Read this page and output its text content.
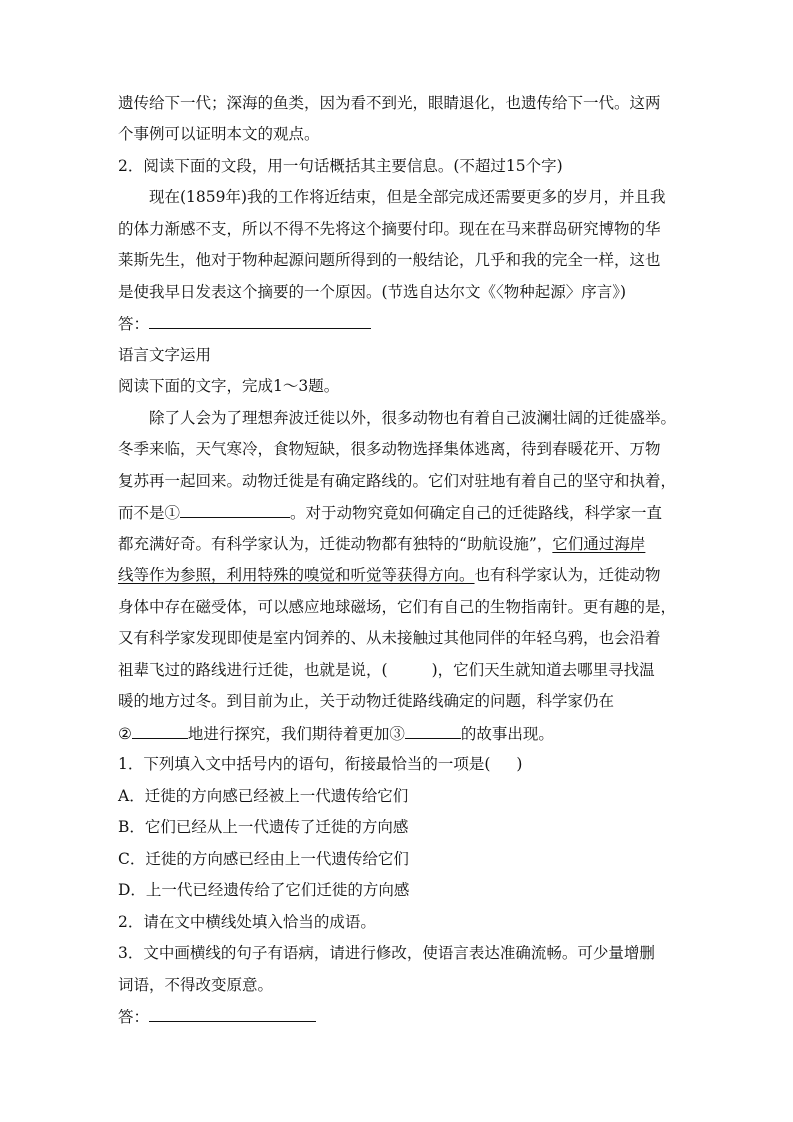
遗传给下一代；深海的鱼类，因为看不到光，眼睛退化，也遗传给下一代。这两
个事例可以证明本文的观点。
2．阅读下面的文段，用一句话概括其主要信息。(不超过15个字)
现在(1859年)我的工作将近结束，但是全部完成还需要更多的岁月，并且我
的体力渐感不支，所以不得不先将这个摘要付印。现在在马来群岛研究博物的华
莱斯先生，他对于物种起源问题所得到的一般结论，几乎和我的完全一样，这也
是使我早日发表这个摘要的一个原因。(节选自达尔文《〈物种起源〉序言》)
答：
语言文字运用
阅读下面的文字，完成1～3题。
除了人会为了理想奔波迁徙以外，很多动物也有着自己波澜壮阔的迁徙盛举。
冬季来临，天气寒冷，食物短缺，很多动物选择集体逃离，待到春暖花开、万物
复苏再一起回来。动物迁徙是有确定路线的。它们对驻地有着自己的坚守和执着，
而不是①	。对于动物究竟如何确定自己的迁徙路线，科学家一直
都充满好奇。有科学家认为，迁徙动物都有独特的“助航设施”，它们通过海岸
线等作为参照，利用特殊的嗅觉和听觉等获得方向。也有科学家认为，迁徙动物
身体中存在磁受体，可以感应地球磁场，它们有自己的生物指南针。更有趣的是，
又有科学家发现即使是室内饲养的、从未接触过其他同伴的年轻乌鸦，也会沿着
祖辈飞过的路线进行迁徙，也就是说，(	)，它们天生就知道去哪里寻找温
暖的地方过冬。到目前为止，关于动物迁徙路线确定的问题，科学家仍在
②	地进行探究，我们期待着更加③	的故事出现。
1．下列填入文中括号内的语句，衔接最恰当的一项是( )
A．迁徙的方向感已经被上一代遗传给它们
B．它们已经从上一代遗传了迁徙的方向感
C．迁徙的方向感已经由上一代遗传给它们
D．上一代已经遗传给了它们迁徙的方向感
2．请在文中横线处填入恰当的成语。
3．文中画横线的句子有语病，请进行修改，使语言表达准确流畅。可少量增删
词语，不得改变原意。
答：
